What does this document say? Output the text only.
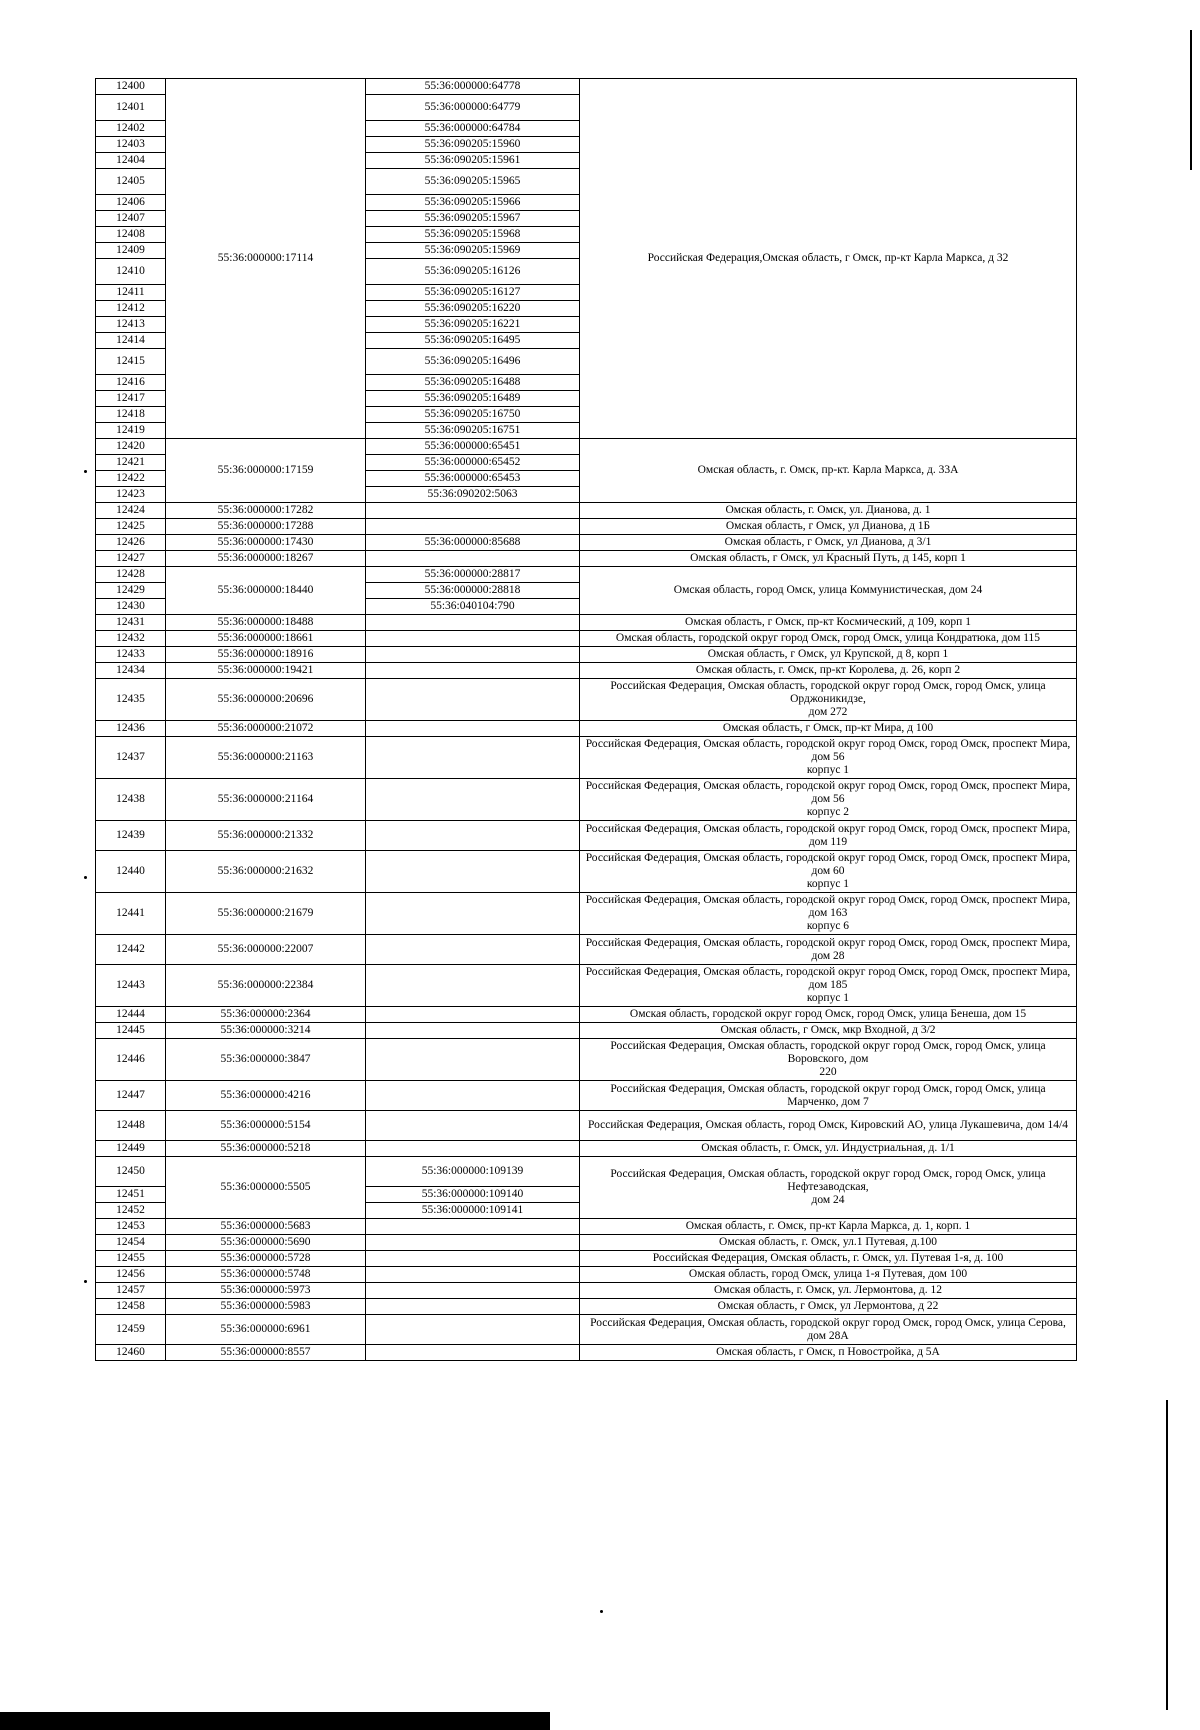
12400	55:36:000000:17114	55:36:000000:64778	Российская Федерация,Омская область, г Омск, пр-кт Карла Маркса, д 32
12401		55:36:000000:64779	
12402		55:36:000000:64784	
12403		55:36:090205:15960	
12404		55:36:090205:15961	
12405		55:36:090205:15965	
12406		55:36:090205:15966	
12407		55:36:090205:15967	
12408		55:36:090205:15968	
12409		55:36:090205:15969	
12410		55:36:090205:16126	
12411		55:36:090205:16127	
12412		55:36:090205:16220	
12413		55:36:090205:16221	
12414		55:36:090205:16495	
12415		55:36:090205:16496	
12416		55:36:090205:16488	
12417		55:36:090205:16489	
12418		55:36:090205:16750	
12419		55:36:090205:16751	
12420	55:36:000000:17159	55:36:000000:65451	Омская область, г. Омск, пр-кт. Карла Маркса, д. 33А
12421		55:36:000000:65452	
12422		55:36:000000:65453	
12423		55:36:090202:5063	
12424	55:36:000000:17282		Омская область, г. Омск, ул. Дианова, д. 1
12425	55:36:000000:17288		Омская область, г Омск, ул Дианова, д 1Б
12426	55:36:000000:17430	55:36:000000:85688	Омская область, г Омск, ул Дианова, д 3/1
12427	55:36:000000:18267		Омская область, г Омск, ул Красный Путь, д 145, корп 1
12428	55:36:000000:18440	55:36:000000:28817	Омская область, город Омск, улица Коммунистическая, дом 24
12429		55:36:000000:28818	
12430		55:36:040104:790	
12431	55:36:000000:18488		Омская область, г Омск, пр-кт Космический, д 109, корп 1
12432	55:36:000000:18661		Омская область, городской округ город Омск, город Омск, улица Кондратюка, дом 115
12433	55:36:000000:18916		Омская область, г Омск, ул Крупской, д 8, корп 1
12434	55:36:000000:19421		Омская область, г. Омск, пр-кт Королева, д. 26, корп 2
12435	55:36:000000:20696		Российская Федерация, Омская область, городской округ город Омск, город Омск, улица Орджоникидзе,
дом 272
12436	55:36:000000:21072		Омская область, г Омск, пр-кт Мира, д 100
12437	55:36:000000:21163		Российская Федерация, Омская область, городской округ город Омск, город Омск, проспект Мира, дом 56
корпус 1
12438	55:36:000000:21164		Российская Федерация, Омская область, городской округ город Омск, город Омск, проспект Мира, дом 56
корпус 2
12439	55:36:000000:21332		Российская Федерация, Омская область, городской округ город Омск, город Омск, проспект Мира, дом 119
12440	55:36:000000:21632		Российская Федерация, Омская область, городской округ город Омск, город Омск, проспект Мира, дом 60
корпус 1
12441	55:36:000000:21679		Российская Федерация, Омская область, городской округ город Омск, город Омск, проспект Мира, дом 163
корпус 6
12442	55:36:000000:22007		Российская Федерация, Омская область, городской округ город Омск, город Омск, проспект Мира, дом 28
12443	55:36:000000:22384		Российская Федерация, Омская область, городской округ город Омск, город Омск, проспект Мира, дом 185
корпус 1
12444	55:36:000000:2364		Омская область, городской округ город Омск, город Омск, улица Бенеша, дом 15
12445	55:36:000000:3214		Омская область, г Омск, мкр Входной, д 3/2
12446	55:36:000000:3847		Российская Федерация, Омская область, городской округ город Омск, город Омск, улица Воровского, дом
220
12447	55:36:000000:4216		Российская Федерация, Омская область, городской округ город Омск, город Омск, улица Марченко, дом 7
12448	55:36:000000:5154		Российская Федерация, Омская область, город Омск, Кировский АО, улица Лукашевича, дом 14/4
12449	55:36:000000:5218		Омская область, г. Омск, ул. Индустриальная, д. 1/1
12450	55:36:000000:5505	55:36:000000:109139	Российская Федерация, Омская область, городской округ город Омск, город Омск, улица Нефтезаводская,
дом 24
12451		55:36:000000:109140	
12452		55:36:000000:109141	
12453	55:36:000000:5683		Омская область, г. Омск, пр-кт Карла Маркса, д. 1, корп. 1
12454	55:36:000000:5690		Омская область, г. Омск, ул.1 Путевая, д.100
12455	55:36:000000:5728		Российская Федерация, Омская область, г. Омск, ул. Путевая 1-я, д. 100
12456	55:36:000000:5748		Омская область, город Омск, улица 1-я Путевая, дом 100
12457	55:36:000000:5973		Омская область, г. Омск, ул. Лермонтова, д. 12
12458	55:36:000000:5983		Омская область, г Омск, ул Лермонтова, д 22
12459	55:36:000000:6961		Российская Федерация, Омская область, городской округ город Омск, город Омск, улица Серова, дом 28А
12460	55:36:000000:8557		Омская область, г Омск, п Новостройка, д 5А
